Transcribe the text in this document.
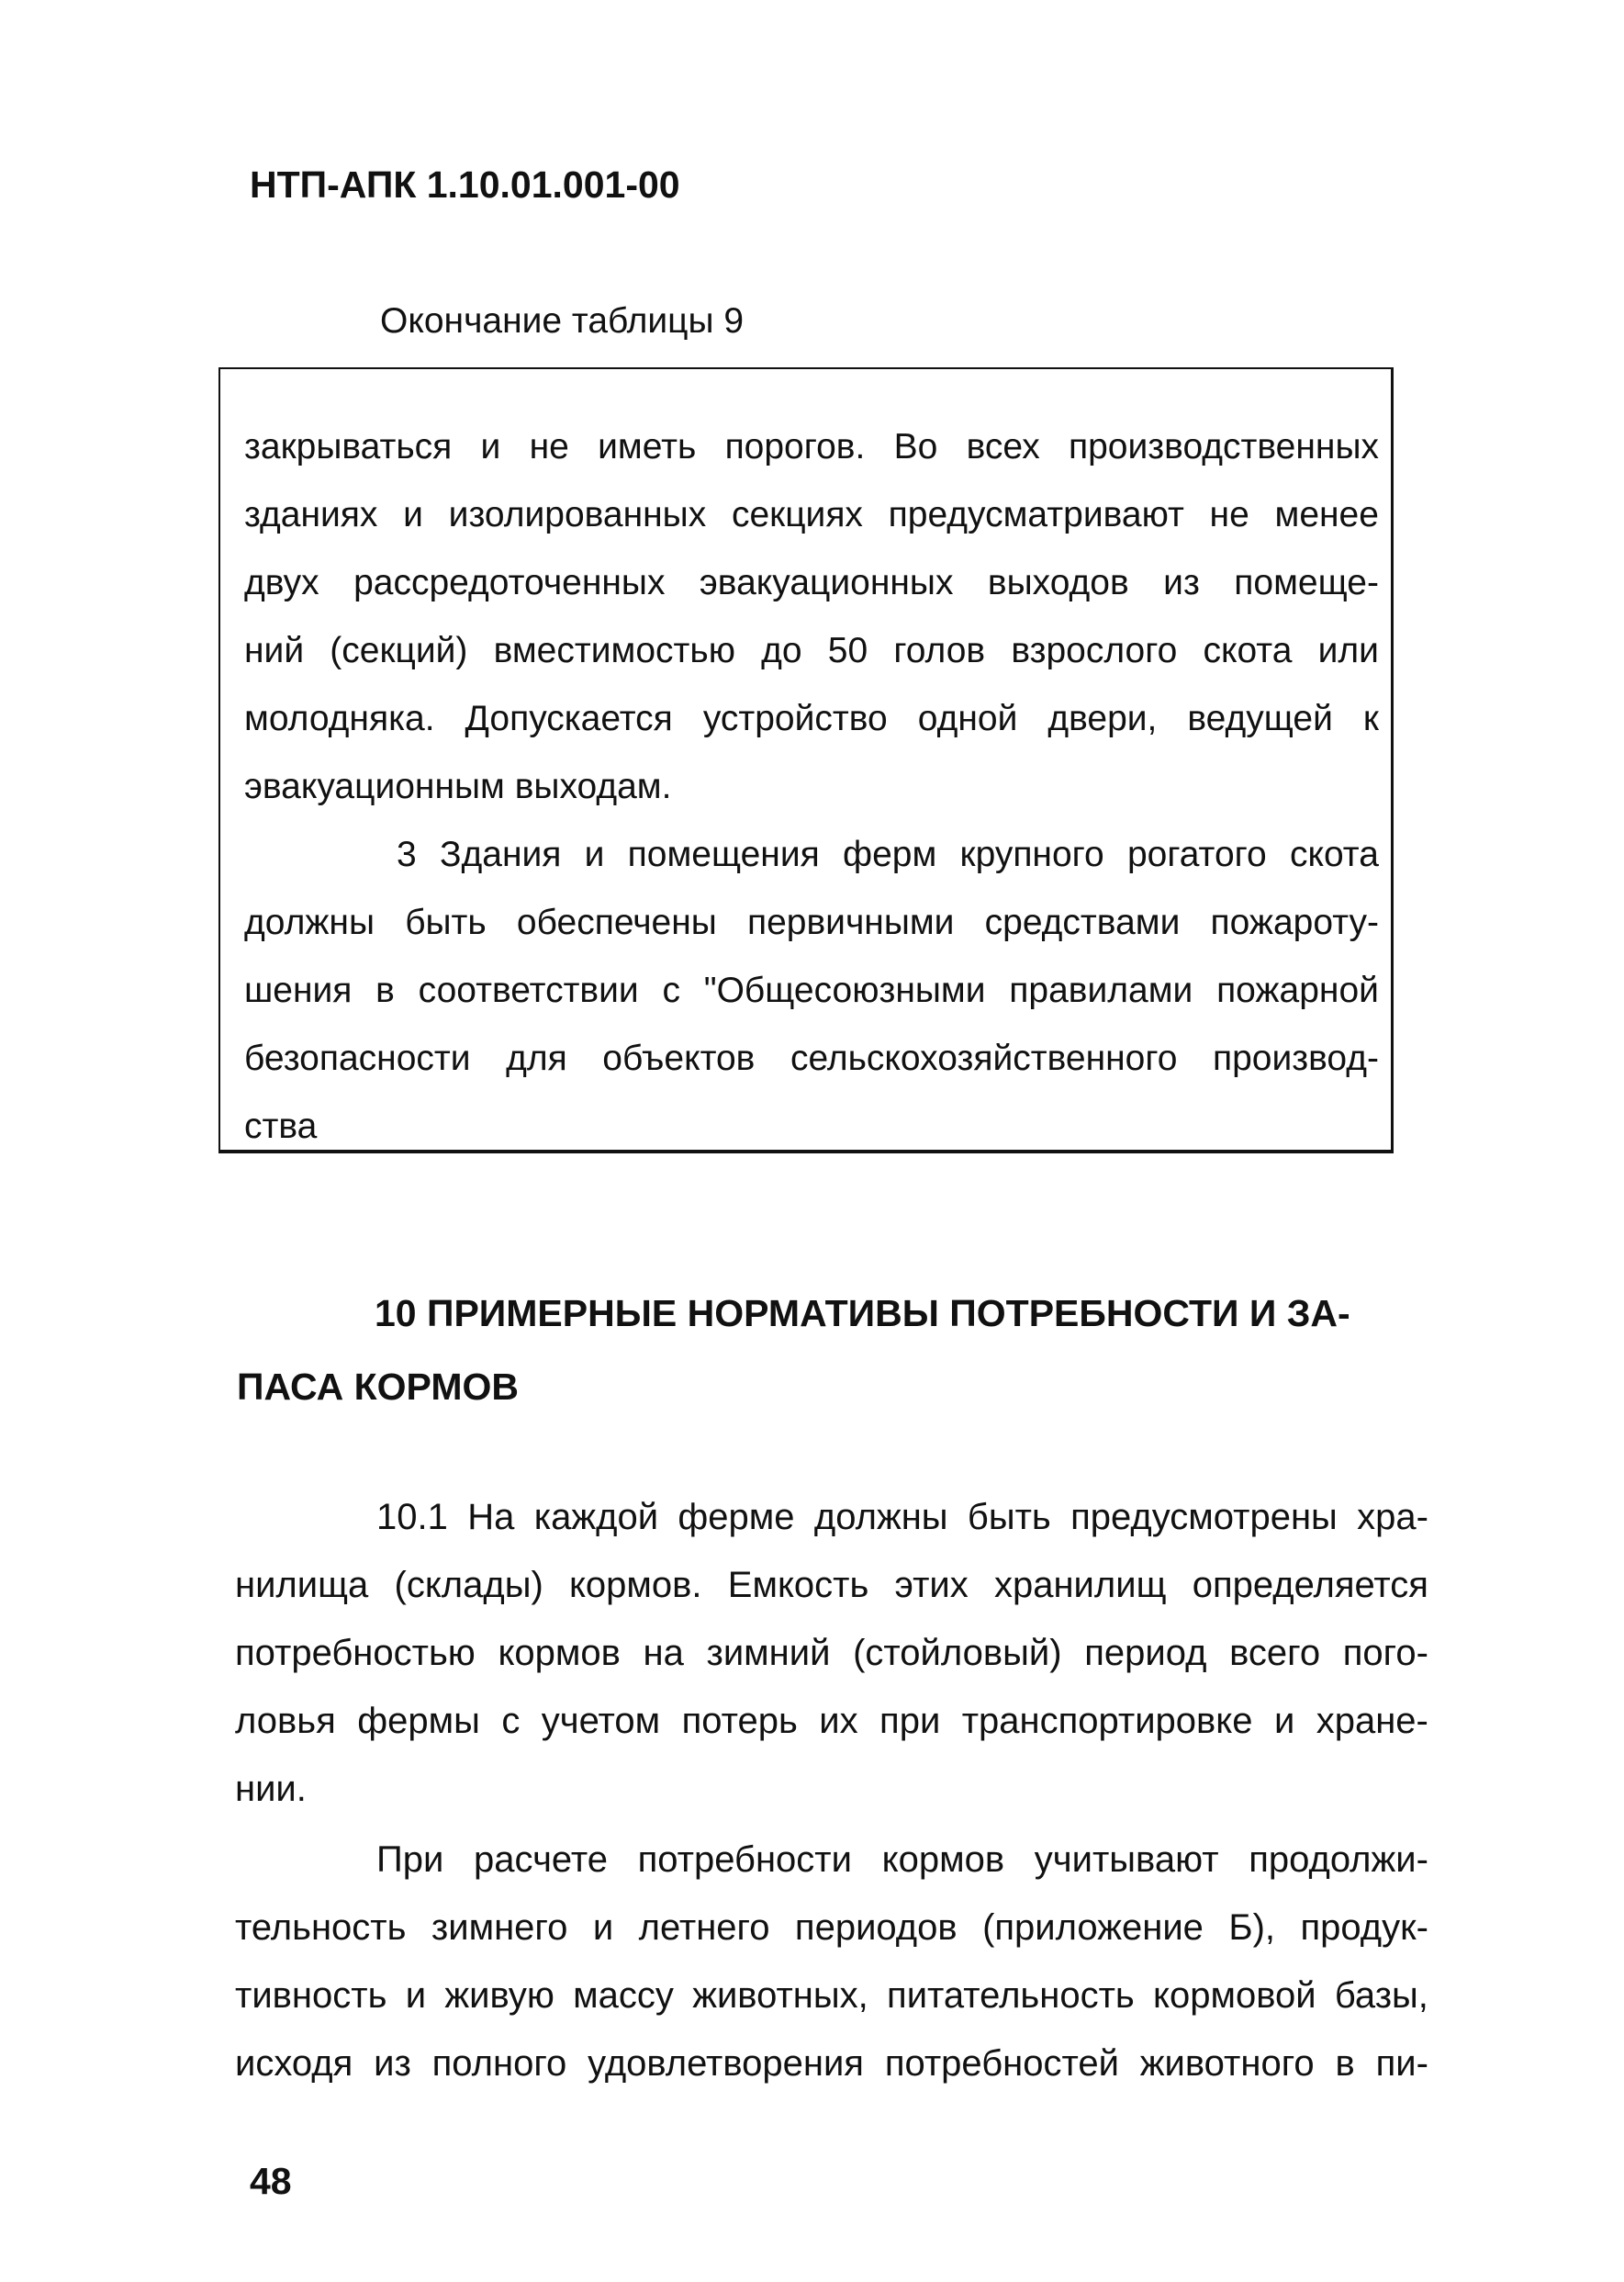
НТП-АПК 1.10.01.001-00
Окончание таблицы 9
закрываться и не иметь порогов. Во всех производственных
зданиях и изолированных секциях предусматривают не менее
двух рассредоточенных эвакуационных выходов из помеще-
ний (секций) вместимостью до 50 голов взрослого скота или
молодняка. Допускается устройство одной двери, ведущей к
эвакуационным выходам.
3 Здания и помещения ферм крупного рогатого скота
должны быть обеспечены первичными средствами пожароту-
шения в соответствии с "Общесоюзными правилами пожарной
безопасности для объектов сельскохозяйственного производ-
ства
10 ПРИМЕРНЫЕ НОРМАТИВЫ ПОТРЕБНОСТИ И ЗА-
ПАСА КОРМОВ
10.1 На каждой ферме должны быть предусмотрены хра-
нилища (склады) кормов. Емкость этих хранилищ определяется
потребностью кормов на зимний (стойловый) период всего пого-
ловья фермы с учетом потерь их при транспортировке и хране-
нии.
При расчете потребности кормов учитывают продолжи-
тельность зимнего и летнего периодов (приложение Б), продук-
тивность и живую массу животных, питательность кормовой базы,
исходя из полного удовлетворения потребностей животного в пи-
48
